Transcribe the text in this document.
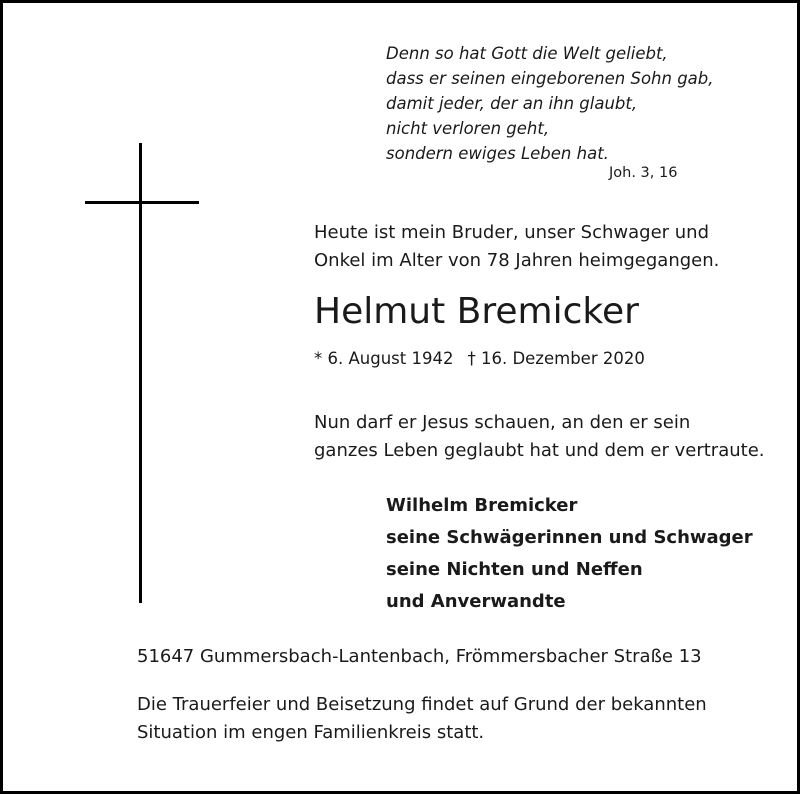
Denn so hat Gott die Welt geliebt,
dass er seinen eingeborenen Sohn gab,
damit jeder, der an ihn glaubt,
nicht verloren geht,
sondern ewiges Leben hat.
Joh. 3, 16
Heute ist mein Bruder, unser Schwager und
Onkel im Alter von 78 Jahren heimgegangen.
Helmut Bremicker
* 6. August 1942 † 16. Dezember 2020
Nun darf er Jesus schauen, an den er sein
ganzes Leben geglaubt hat und dem er vertraute.
Wilhelm Bremicker
seine Schwägerinnen und Schwager
seine Nichten und Neffen
und Anverwandte
51647 Gummersbach-Lantenbach, Frömmersbacher Straße 13
Die Trauerfeier und Beisetzung findet auf Grund der bekannten
Situation im engen Familienkreis statt.
